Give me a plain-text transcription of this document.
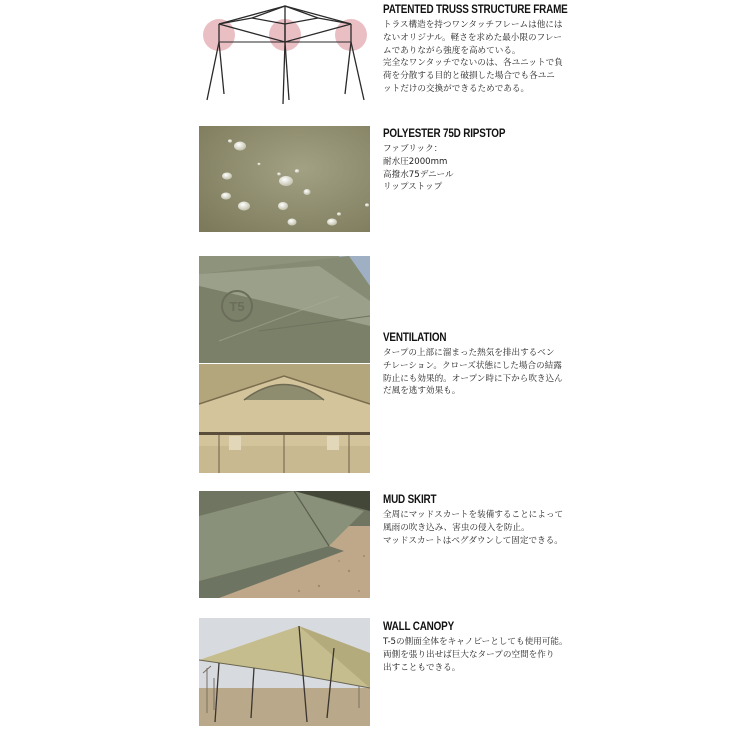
PATENTED TRUSS STRUCTURE FRAME
トラス構造を持つワンタッチフレームは他には
ないオリジナル。軽さを求めた最小限のフレー
ムでありながら強度を高めている。
完全なワンタッチでないのは、各ユニットで負
荷を分散する目的と破損した場合でも各ユニ
ットだけの交換ができるためである。
POLYESTER 75D RIPSTOP
ファブリック：
耐水圧2000mm
高撥水75デニール
リップストップ
T5
VENTILATION
タープの上部に溜まった熱気を排出するベン
チレーション。クローズ状態にした場合の結露
防止にも効果的。オープン時に下から吹き込ん
だ風を逃す効果も。
MUD SKIRT
全周にマッドスカートを装備することによって
風雨の吹き込み、害虫の侵入を防止。
マッドスカートはペグダウンして固定できる。
WALL CANOPY
T-5の側面全体をキャノピーとしても使用可能。
両側を張り出せば巨大なタープの空間を作り
出すこともできる。
